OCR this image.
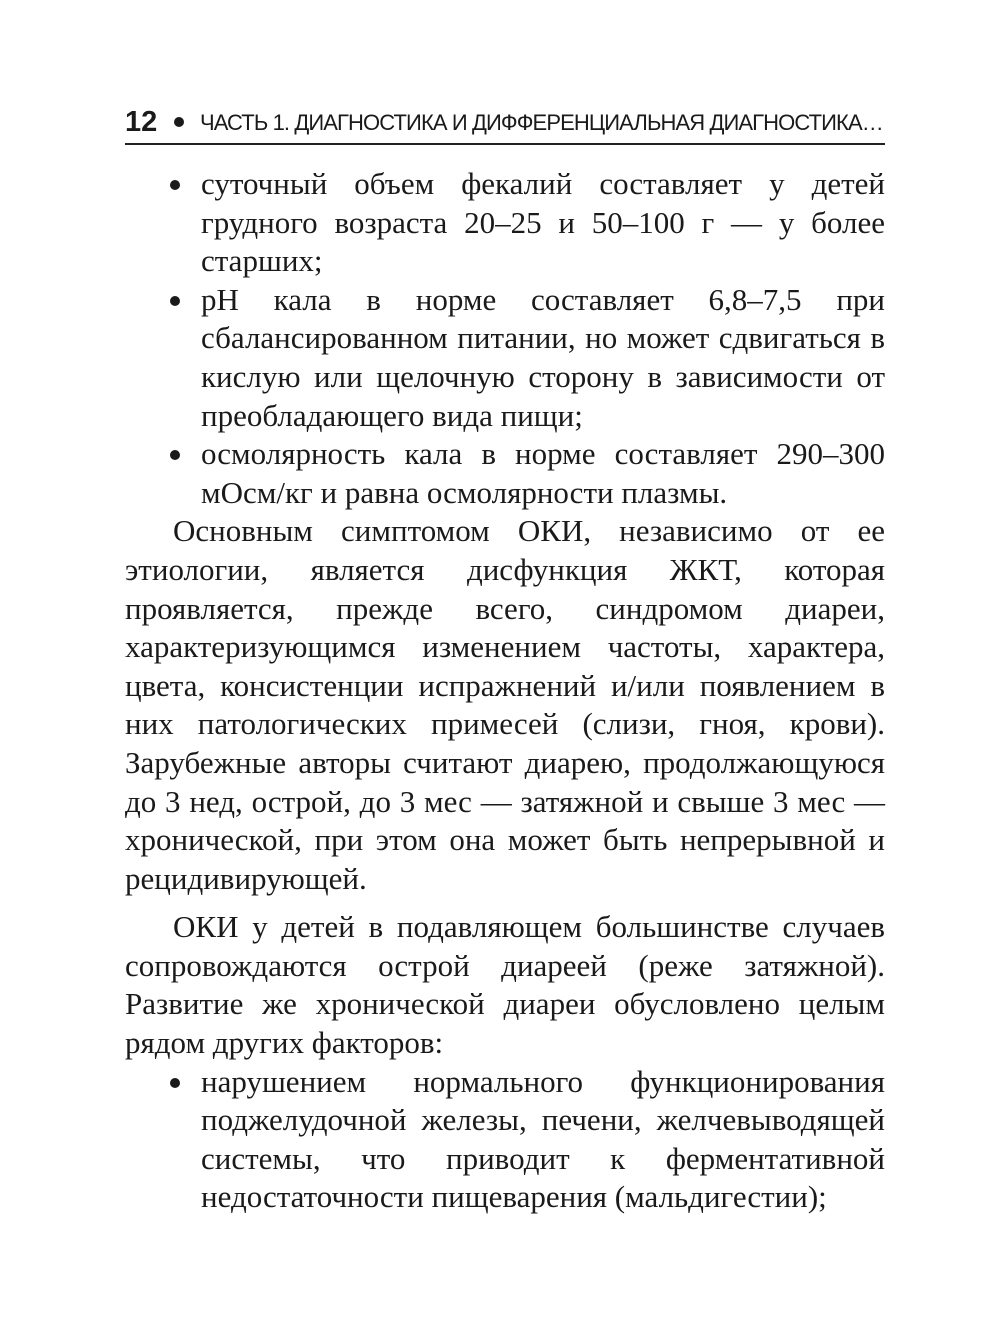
12 ЧАСТЬ 1. ДИАГНОСТИКА И ДИФФЕРЕНЦИАЛЬНАЯ ДИАГНОСТИКА…
суточный объем фекалий составляет у детей грудного возраста 20–25 и 50–100 г — у более старших;
pH кала в норме составляет 6,8–7,5 при сбалансированном питании, но может сдвигаться в кислую или щелочную сторону в зависимости от преобладающего вида пищи;
осмолярность кала в норме составляет 290–300 мОсм/кг и равна осмолярности плазмы.

Основным симптомом ОКИ, независимо от ее этиологии, является дисфункция ЖКТ, которая проявляется, прежде всего, синдромом диареи, характеризующимся изменением частоты, характера, цвета, консистенции испражнений и/или появлением в них патологических примесей (слизи, гноя, крови). Зарубежные авторы считают диарею, продолжающуюся до 3 нед, острой, до 3 мес — затяжной и свыше 3 мес — хронической, при этом она может быть непрерывной и рецидивирующей.

ОКИ у детей в подавляющем большинстве случаев сопровождаются острой диареей (реже затяжной). Развитие же хронической диареи обусловлено целым рядом других факторов:

нарушением нормального функционирования поджелудочной железы, печени, желчевыводящей системы, что приводит к ферментативной недостаточности пищеварения (мальдигестии);
